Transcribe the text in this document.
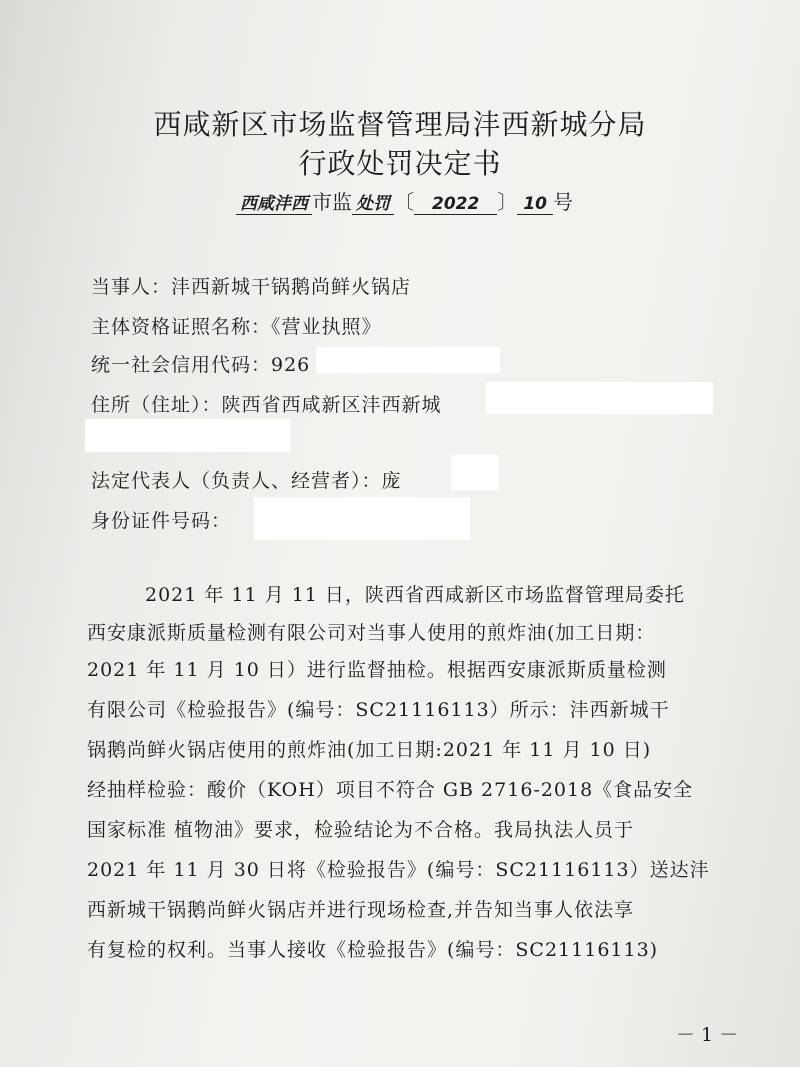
西咸新区市场监督管理局沣西新城分局
行政处罚决定书
西咸沣西 市监 处罚 〔 2022 〕 10 号
当事人：沣西新城干锅鹅尚鲜火锅店
主体资格证照名称：《营业执照》
统一社会信用代码：926
住所（住址）：陕西省西咸新区沣西新城
法定代表人（负责人、经营者）：庞
身份证件号码：
2021 年 11 月 11 日，陕西省西咸新区市场监督管理局委托
西安康派斯质量检测有限公司对当事人使用的煎炸油(加工日期：
2021 年 11 月 10 日）进行监督抽检。根据西安康派斯质量检测
有限公司《检验报告》(编号：SC21116113）所示：沣西新城干
锅鹅尚鲜火锅店使用的煎炸油(加工日期:2021 年 11 月 10 日)
经抽样检验：酸价（KOH）项目不符合 GB 2716-2018《食品安全
国家标准 植物油》要求，检验结论为不合格。我局执法人员于
2021 年 11 月 30 日将《检验报告》(编号：SC21116113）送达沣
西新城干锅鹅尚鲜火锅店并进行现场检查,并告知当事人依法享
有复检的权利。当事人接收《检验报告》(编号：SC21116113)
－ 1 －
